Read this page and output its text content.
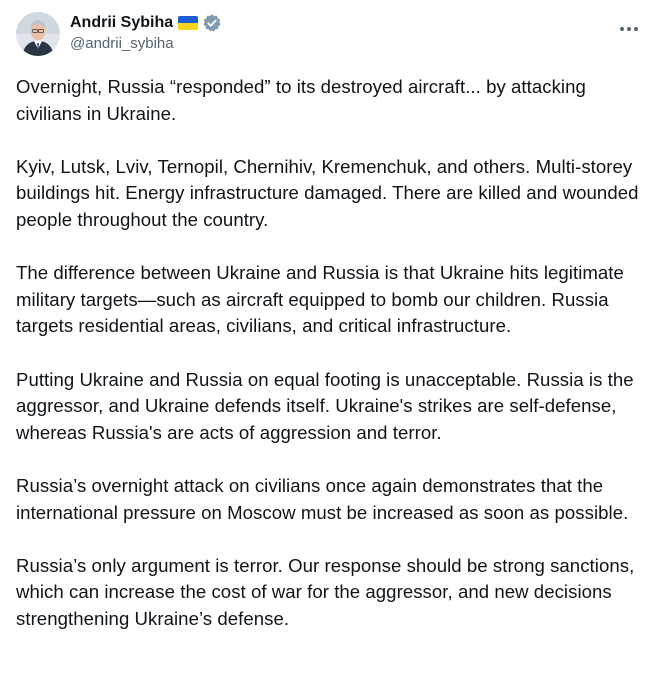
Andrii Sybiha
@andrii_sybiha

Overnight, Russia “responded” to its destroyed aircraft... by attacking civilians in Ukraine.

Kyiv, Lutsk, Lviv, Ternopil, Chernihiv, Kremenchuk, and others. Multi-storey buildings hit. Energy infrastructure damaged. There are killed and wounded people throughout the country.

The difference between Ukraine and Russia is that Ukraine hits legitimate military targets—such as aircraft equipped to bomb our children. Russia targets residential areas, civilians, and critical infrastructure.

Putting Ukraine and Russia on equal footing is unacceptable. Russia is the aggressor, and Ukraine defends itself. Ukraine's strikes are self-defense, whereas Russia's are acts of aggression and terror.

Russia’s overnight attack on civilians once again demonstrates that the international pressure on Moscow must be increased as soon as possible.

Russia’s only argument is terror. Our response should be strong sanctions, which can increase the cost of war for the aggressor, and new decisions strengthening Ukraine’s defense.
